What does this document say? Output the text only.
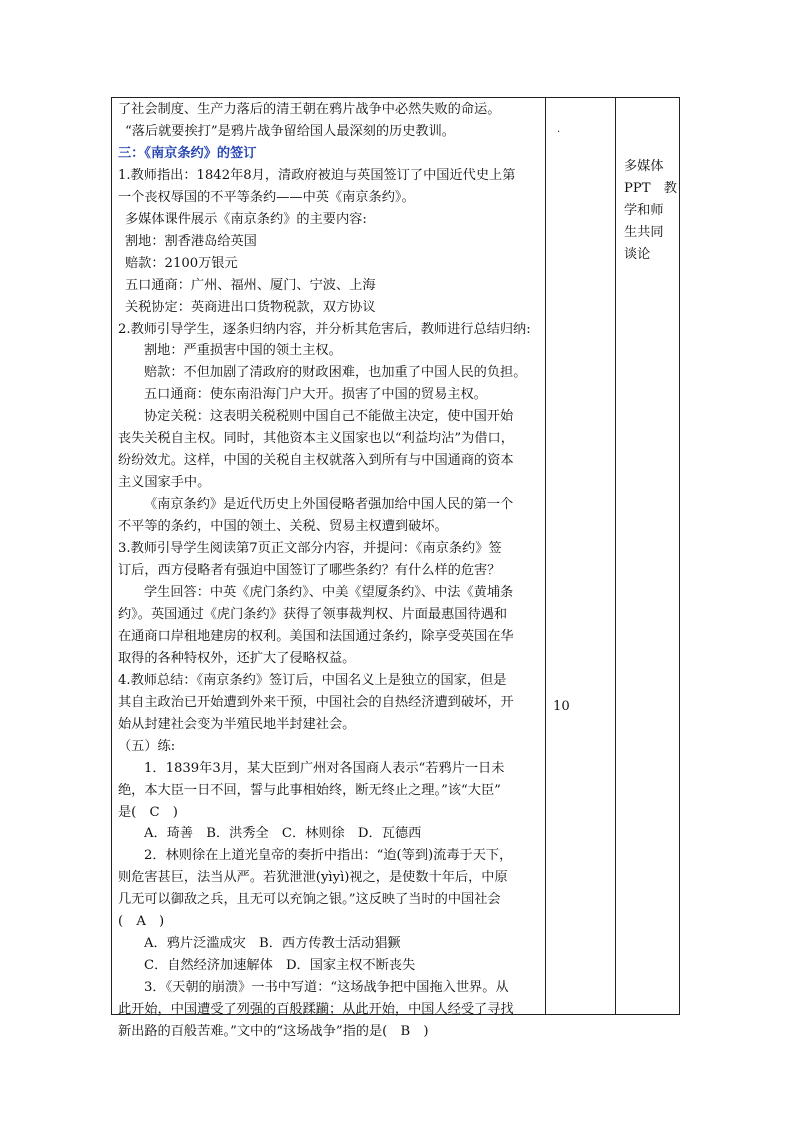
了社会制度、生产力落后的清王朝在鸦片战争中必然失败的命运。

“落后就要挨打”是鸦片战争留给国人最深刻的历史教训。

三：《南京条约》的签订

1.教师指出：1842年8月，清政府被迫与英国签订了中国近代史上第

一个丧权辱国的不平等条约——中英《南京条约》。

多媒体课件展示《南京条约》的主要内容:

割地：割香港岛给英国

赔款：2100万银元

五口通商：广州、福州、厦门、宁波、上海

关税协定：英商进出口货物税款，双方协议

2.教师引导学生，逐条归纳内容，并分析其危害后，教师进行总结归纳:

割地：严重损害中国的领土主权。

赔款：不但加剧了清政府的财政困难，也加重了中国人民的负担。

五口通商：使东南沿海门户大开。损害了中国的贸易主权。

协定关税：这表明关税税则中国自己不能做主决定，使中国开始

丧失关税自主权。同时，其他资本主义国家也以“利益均沾”为借口，

纷纷效尤。这样，中国的关税自主权就落入到所有与中国通商的资本

主义国家手中。

《南京条约》是近代历史上外国侵略者强加给中国人民的第一个

不平等的条约，中国的领土、关税、贸易主权遭到破坏。

3.教师引导学生阅读第7页正文部分内容，并提问：《南京条约》签

订后，西方侵略者有强迫中国签订了哪些条约？有什么样的危害？

学生回答：中英《虎门条约》、中美《望厦条约》、中法《黄埔条

约》。英国通过《虎门条约》获得了领事裁判权、片面最惠国待遇和

在通商口岸租地建房的权利。美国和法国通过条约，除享受英国在华

取得的各种特权外，还扩大了侵略权益。

4.教师总结：《南京条约》签订后，中国名义上是独立的国家，但是

其自主政治已开始遭到外来干预，中国社会的自热经济遭到破坏，开

始从封建社会变为半殖民地半封建社会。

（五）练:

1．1839年3月，某大臣到广州对各国商人表示“若鸦片一日未

绝，本大臣一日不回，誓与此事相始终，断无终止之理。”该“大臣”

是(　C　)

A．琦善　B．洪秀全　C．林则徐　D．瓦德西

2．林则徐在上道光皇帝的奏折中指出：“迨(等到)流毒于天下，

则危害甚巨，法当从严。若犹泄泄(yìyì)视之，是使数十年后，中原

几无可以御敌之兵，且无可以充饷之银。”这反映了当时的中国社会

(　A　)

A．鸦片泛滥成灾　B．西方传教士活动猖獗

C．自然经济加速解体　D．国家主权不断丧失

3．《天朝的崩溃》一书中写道：“这场战争把中国拖入世界。从

此开始，中国遭受了列强的百般蹂躏；从此开始，中国人经受了寻找

新出路的百般苦难。”文中的“这场战争”指的是(　B　)

.
10
多媒体
PPT　教
学和师
生共同
谈论
